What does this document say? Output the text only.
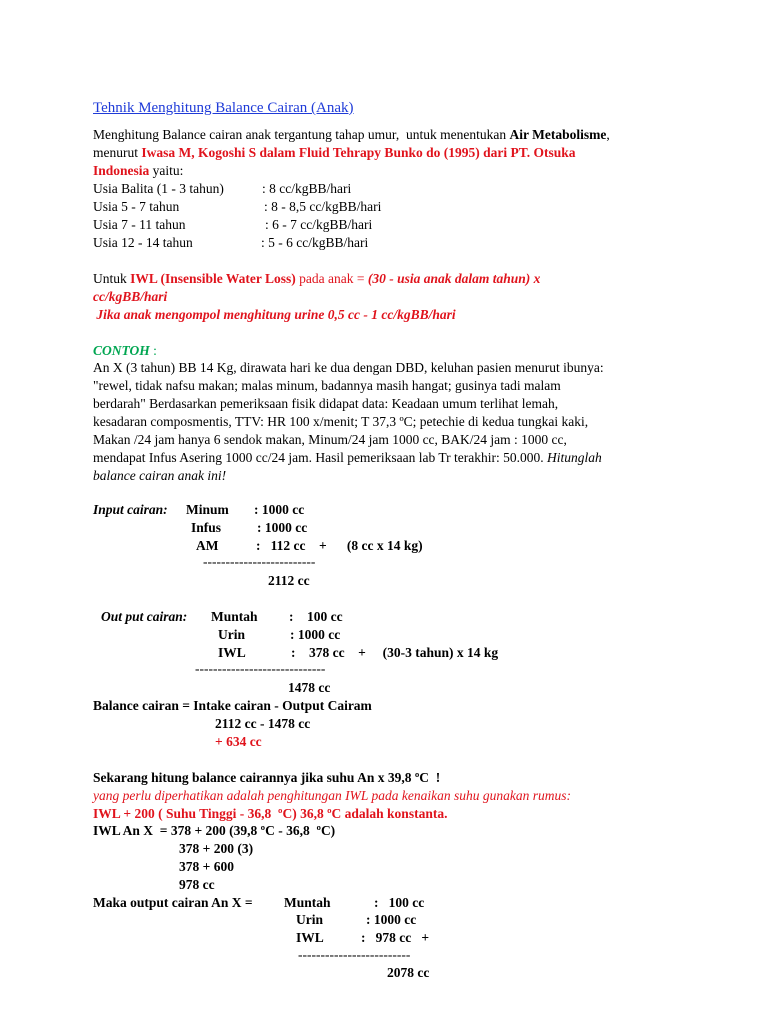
Tehnik Menghitung Balance Cairan (Anak)
Menghitung Balance cairan anak tergantung tahap umur,  untuk menentukan Air Metabolisme,
menurut Iwasa M, Kogoshi S dalam Fluid Tehrapy Bunko do (1995) dari PT. Otsuka
Indonesia yaitu:
Usia Balita (1 - 3 tahun)	: 8 cc/kgBB/hari
Usia 5 - 7 tahun	: 8 - 8,5 cc/kgBB/hari
Usia 7 - 11 tahun	: 6 - 7 cc/kgBB/hari
Usia 12 - 14 tahun	: 5 - 6 cc/kgBB/hari
Untuk IWL (Insensible Water Loss) pada anak = (30 - usia anak dalam tahun) x
cc/kgBB/hari
Jika anak mengompol menghitung urine 0,5 cc - 1 cc/kgBB/hari
CONTOH :
An X (3 tahun) BB 14 Kg, dirawata hari ke dua dengan DBD, keluhan pasien menurut ibunya:
"rewel, tidak nafsu makan; malas minum, badannya masih hangat; gusinya tadi malam
berdarah" Berdasarkan pemeriksaan fisik didapat data: Keadaan umum terlihat lemah,
kesadaran composmentis, TTV: HR 100 x/menit; T 37,3 ºC; petechie di kedua tungkai kaki,
Makan /24 jam hanya 6 sendok makan, Minum/24 jam 1000 cc, BAK/24 jam : 1000 cc,
mendapat Infus Asering 1000 cc/24 jam. Hasil pemeriksaan lab Tr terakhir: 50.000. Hitunglah
balance cairan anak ini!
Input cairan: Minum : 1000 cc
Infus	: 1000 cc
AM	:   112 cc    +      (8 cc x 14 kg)
-------------------------
2112 cc
Out put cairan: Muntah :    100 cc
Urin	: 1000 cc
IWL	:    378 cc    +     (30-3 tahun) x 14 kg
-----------------------------
1478 cc
Balance cairan = Intake cairan - Output Cairam
2112 cc - 1478 cc
+ 634 cc
Sekarang hitung balance cairannya jika suhu An x 39,8 ºC  !
yang perlu diperhatikan adalah penghitungan IWL pada kenaikan suhu gunakan rumus:
IWL + 200 ( Suhu Tinggi - 36,8  ºC) 36,8 ºC adalah konstanta.
IWL An X  = 378 + 200 (39,8 ºC - 36,8  ºC)
378 + 200 (3)
378 + 600
978 cc
Maka output cairan An X = Muntah	:   100 cc
Urin	: 1000 cc
IWL	:   978 cc   +
-------------------------
2078 cc
